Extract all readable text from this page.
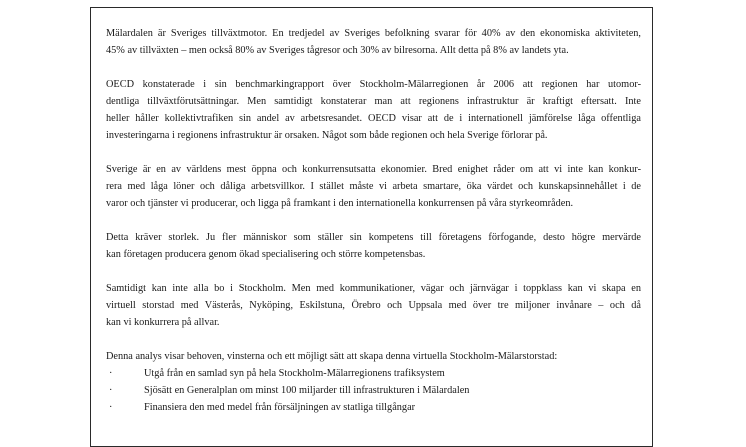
Mälardalen är Sveriges tillväxtmotor. En tredjedel av Sveriges befolkning svarar för 40% av den ekonomiska aktiviteten,
45% av tillväxten – men också 80% av Sveriges tågresor och 30% av bilresorna. Allt detta på 8% av landets yta.

OECD konstaterade i sin benchmarkingrapport över Stockholm-Mälarregionen år 2006 att regionen har utomor-
dentliga tillväxtförutsättningar. Men samtidigt konstaterar man att regionens infrastruktur är kraftigt eftersatt. Inte
heller håller kollektivtrafiken sin andel av arbetsresandet. OECD visar att de i internationell jämförelse låga offentliga
investeringarna i regionens infrastruktur är orsaken. Något som både regionen och hela Sverige förlorar på.

Sverige är en av världens mest öppna och konkurrensutsatta ekonomier. Bred enighet råder om att vi inte kan konkur-
rera med låga löner och dåliga arbetsvillkor. I stället måste vi arbeta smartare, öka värdet och kunskapsinnehållet i de
varor och tjänster vi producerar, och ligga på framkant i den internationella konkurrensen på våra styrkeområden.

Detta kräver storlek. Ju fler människor som ställer sin kompetens till företagens förfogande, desto högre mervärde
kan företagen producera genom ökad specialisering och större kompetensbas.

Samtidigt kan inte alla bo i Stockholm. Men med kommunikationer, vägar och järnvägar i toppklass kan vi skapa en
virtuell storstad med Västerås, Nyköping, Eskilstuna, Örebro och Uppsala med över tre miljoner invånare – och då
kan vi konkurrera på allvar.

Denna analys visar behoven, vinsterna och ett möjligt sätt att skapa denna virtuella Stockholm-Mälarstorstad:
·	Utgå från en samlad syn på hela Stockholm-Mälarregionens trafiksystem
·	Sjösätt en Generalplan om minst 100 miljarder till infrastrukturen i Mälardalen
·	Finansiera den med medel från försäljningen av statliga tillgångar
